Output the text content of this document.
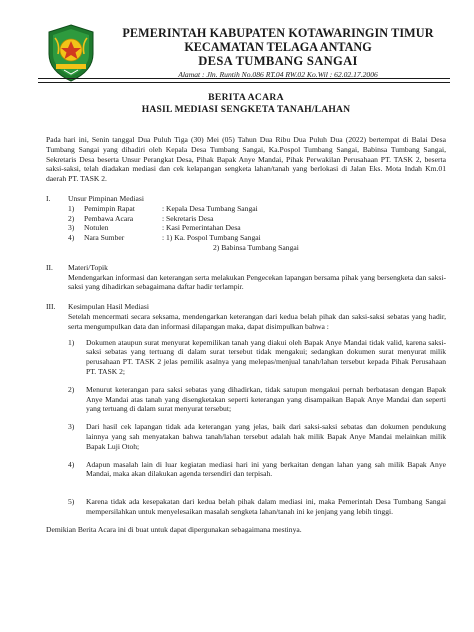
PEMERINTAH KABUPATEN KOTAWARINGIN TIMUR
KECAMATAN TELAGA ANTANG
DESA TUMBANG SANGAI
Alamat : Jln. Runtih No.086 RT.04 RW.02 Ko.Wil : 62.02.17.2006
BERITA ACARA
HASIL MEDIASI SENGKETA TANAH/LAHAN
Pada hari ini, Senin tanggal Dua Puluh Tiga (30) Mei (05) Tahun Dua Ribu Dua Puluh Dua (2022) bertempat di Balai Desa Tumbang Sangai yang dihadiri oleh Kepala Desa Tumbang Sangai, Ka.Pospol Tumbang Sangai, Babinsa Tumbang Sangai, Sekretaris Desa beserta Unsur Perangkat Desa, Pihak Bapak Anye Mandai, Pihak Perwakilan Perusahaan PT. TASK 2, beserta saksi-saksi, telah diadakan mediasi dan cek kelapangan sengketa lahan/tanah yang berlokasi di Jalan Eks. Mota Indah Km.01 daerah PT. TASK 2.
I.	Unsur Pimpinan Mediasi
1)	Pemimpin Rapat	: Kepala Desa Tumbang Sangai
2)	Pembawa Acara	: Sekretaris Desa
3)	Notulen	: Kasi Pemerintahan Desa
4)	Nara Sumber	: 1) Ka. Pospol Tumbang Sangai
2) Babinsa Tumbang Sangai
II.	Materi/Topik
Mendengarkan informasi dan keterangan serta melakukan Pengecekan lapangan bersama pihak yang bersengketa dan saksi-saksi yang dihadirkan sebagaimana daftar hadir terlampir.
III.	Kesimpulan Hasil Mediasi
Setelah mencermati secara seksama, mendengarkan keterangan dari kedua belah pihak dan saksi-saksi sebatas yang hadir, serta mengumpulkan data dan informasi dilapangan maka, dapat disimpulkan bahwa :
1)	Dokumen ataupun surat menyurat kepemilikan tanah yang diakui oleh Bapak Anye Mandai tidak valid, karena saksi-saksi sebatas yang tertuang di dalam surat tersebut tidak mengakui; sedangkan dokumen surat menyurat milik perusahaan PT. TASK 2 jelas pemilik asalnya yang melepas/menjual tanah/lahan tersebut kepada Pihak Perusahaan PT. TASK 2;
2)	Menurut keterangan para saksi sebatas yang dihadirkan, tidak satupun mengakui pernah berbatasan dengan Bapak Anye Mandai atas tanah yang disengketakan seperti keterangan yang disampaikan Bapak Anye Mandai dan seperti yang tertuang di dalam surat menyurat tersebut;
3)	Dari hasil cek lapangan tidak ada keterangan yang jelas, baik dari saksi-saksi sebatas dan dokumen pendukung lainnya yang sah menyatakan bahwa tanah/lahan tersebut adalah hak milik Bapak Anye Mandai melainkan milik Bapak Luji Otoh;
4)	Adapun masalah lain di luar kegiatan mediasi hari ini yang berkaitan dengan lahan yang sah milik Bapak Anye Mandai, maka akan dilakukan agenda tersendiri dan terpisah.
5)	Karena tidak ada kesepakatan dari kedua belah pihak dalam mediasi ini, maka Pemerintah Desa Tumbang Sangai mempersilahkan untuk menyelesaikan masalah sengketa lahan/tanah ini ke jenjang yang lebih tinggi.
Demikian Berita Acara ini di buat untuk dapat dipergunakan sebagaimana mestinya.
